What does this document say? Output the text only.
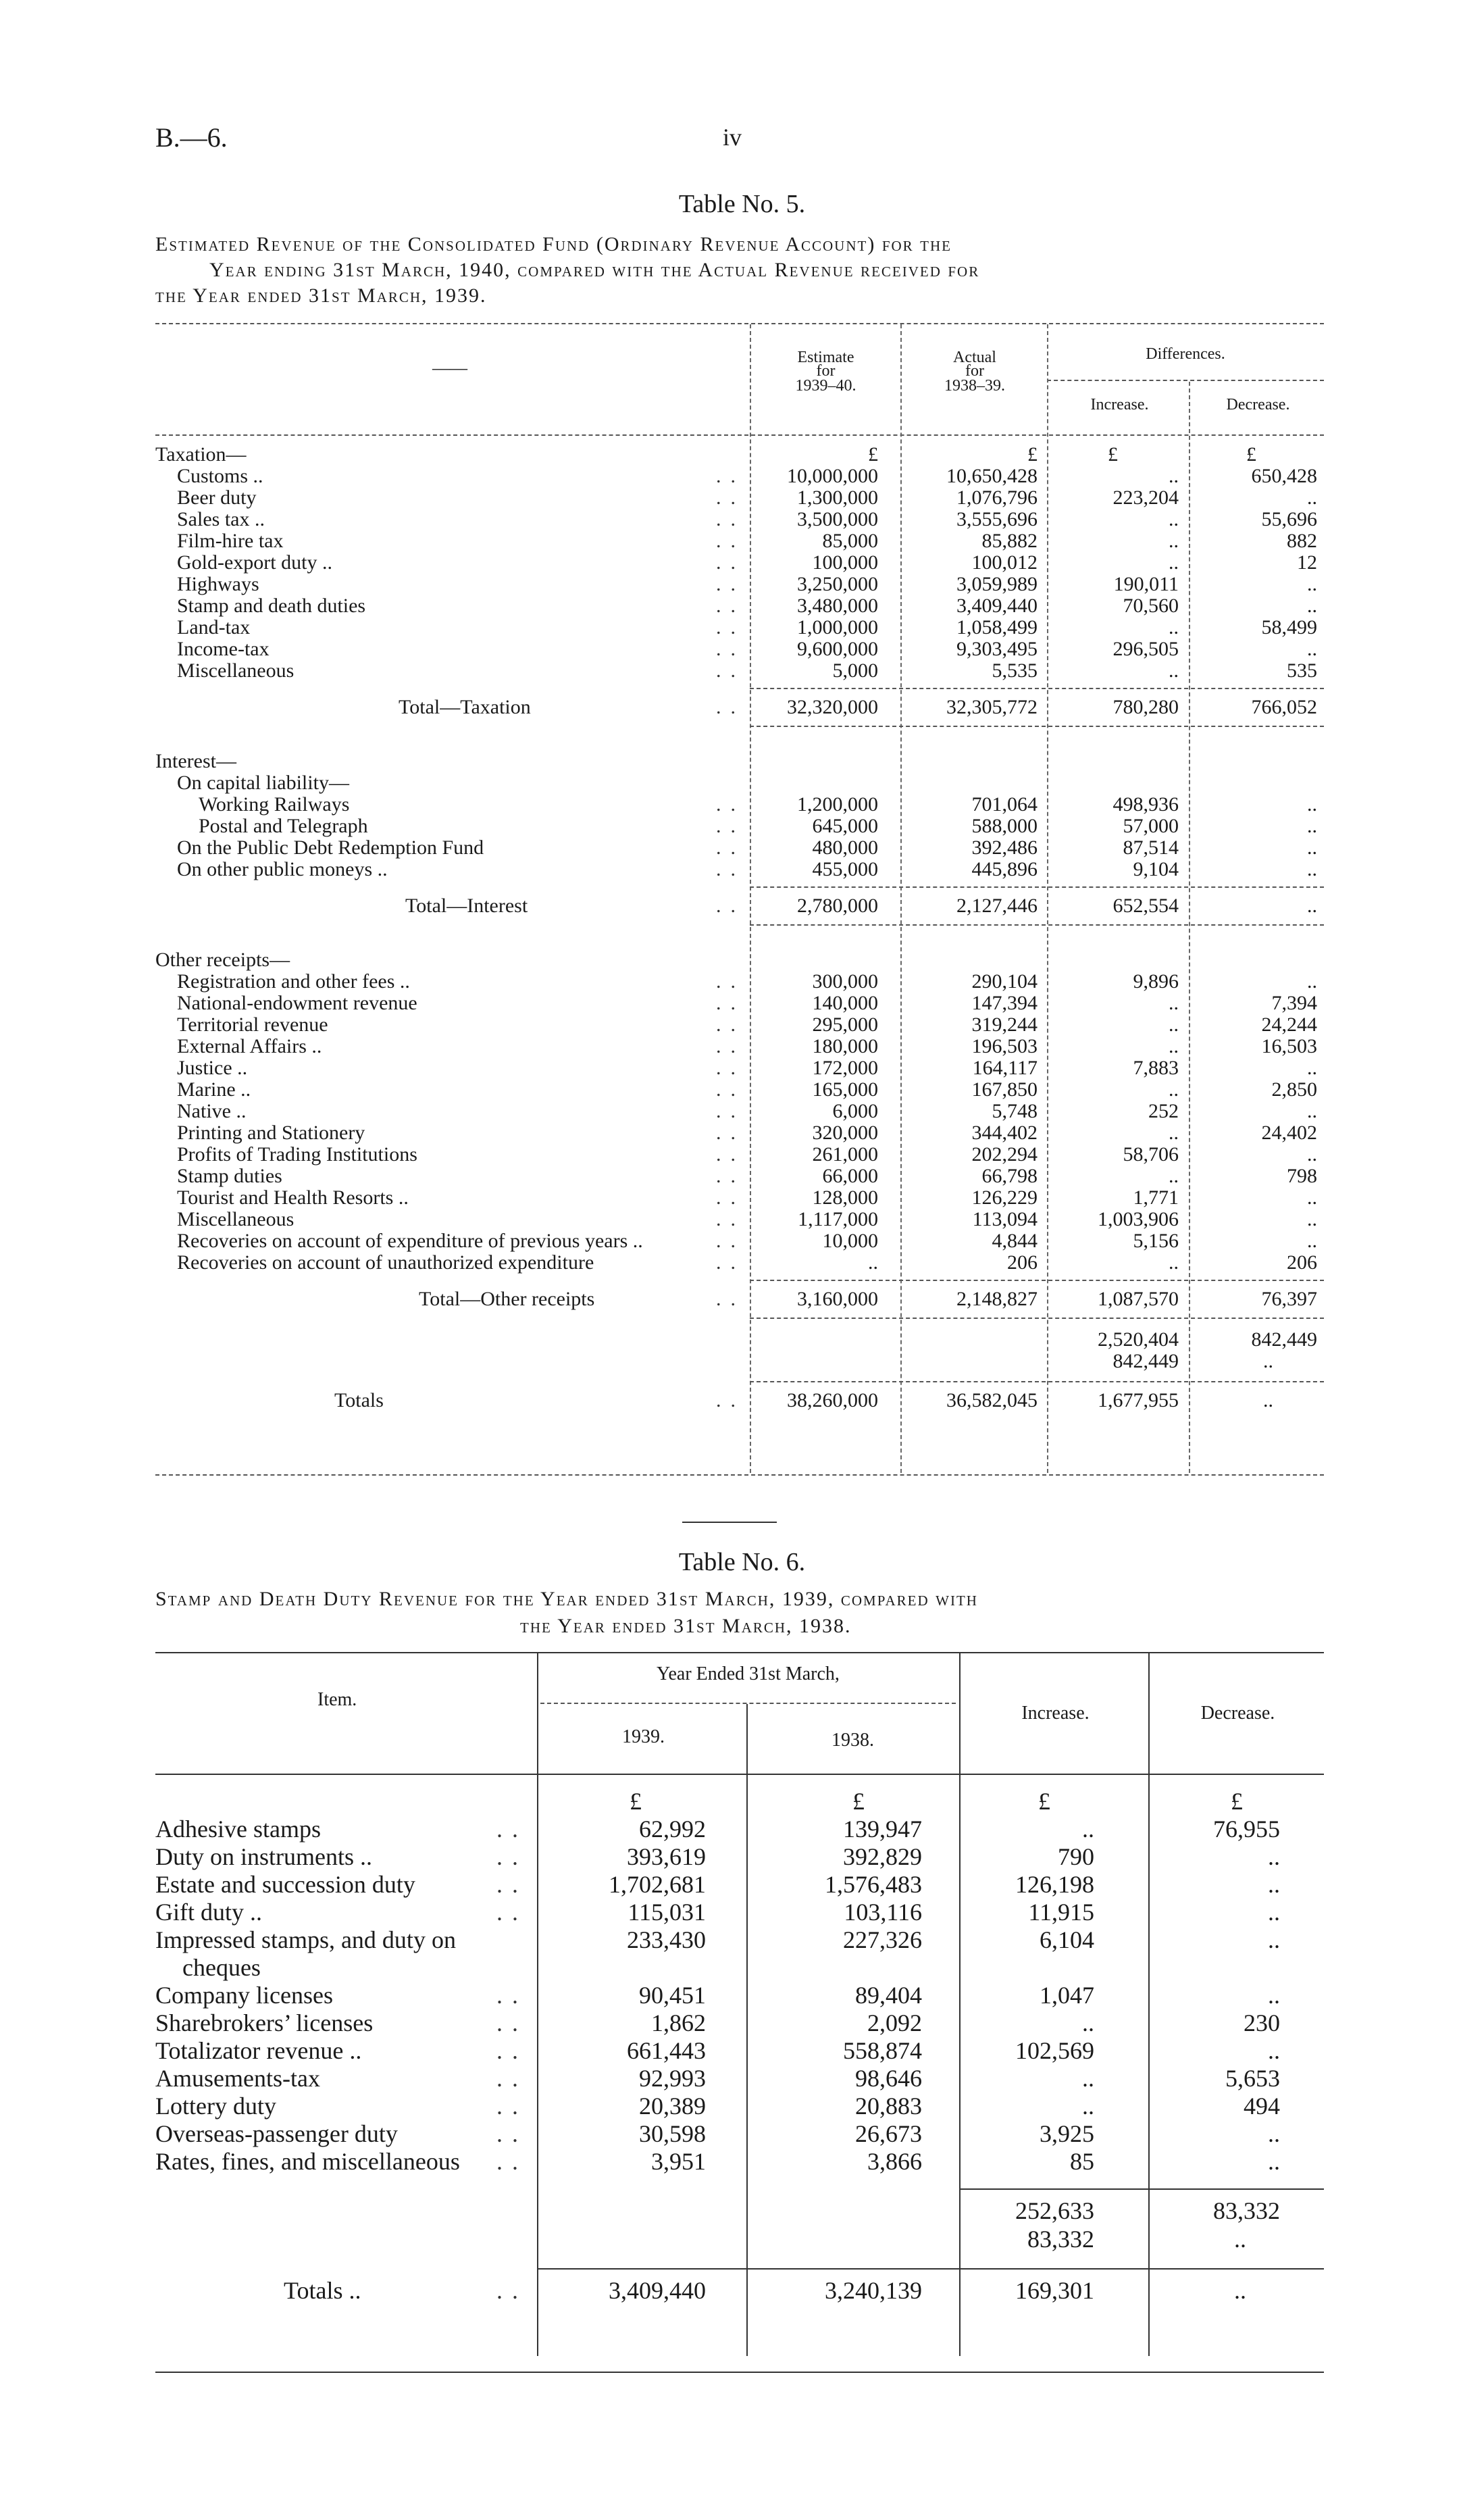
B.—6.	iv
Table No. 5.
Estimated Revenue of the Consolidated Fund (Ordinary Revenue Account) for the
Year ending 31st March, 1940, compared with the Actual Revenue received for
the Year ended 31st March, 1939.
——
Estimate
for
1939–40.
Actual
for
1938–39.
Differences.
Increase.	Decrease.
Taxation—	£	£	£	£
Customs ..	10,000,000	10,650,428	..	650,428
..
Beer duty	1,300,000	1,076,796	223,204	..
..
Sales tax ..	3,500,000	3,555,696	..	55,696
..
Film-hire tax	85,000	85,882	..	882
..
Gold-export duty ..	100,000	100,012	..	12
..
Highways	3,250,000	3,059,989	190,011	..
..
Stamp and death duties	3,480,000	3,409,440	70,560	..
..
Land-tax	1,000,000	1,058,499	..	58,499
..
Income-tax	9,600,000	9,303,495	296,505	..
..
Miscellaneous	5,000	5,535	..	535
..
Total—Taxation	32,320,000	32,305,772	780,280	766,052
..
Interest—
On capital liability—
Working Railways	1,200,000	701,064	498,936	..
..
Postal and Telegraph	645,000	588,000	57,000	..
..
On the Public Debt Redemption Fund	480,000	392,486	87,514	..
..
On other public moneys ..	455,000	445,896	9,104	..
..
Total—Interest	2,780,000	2,127,446	652,554	..
..
Other receipts—
Registration and other fees ..	300,000	290,104	9,896	..
..
National-endowment revenue	140,000	147,394	..	7,394
..
Territorial revenue	295,000	319,244	..	24,244
..
External Affairs ..	180,000	196,503	..	16,503
..
Justice ..	172,000	164,117	7,883	..
..
Marine ..	165,000	167,850	..	2,850
..
Native ..	6,000	5,748	252	..
..
Printing and Stationery	320,000	344,402	..	24,402
..
Profits of Trading Institutions	261,000	202,294	58,706	..
..
Stamp duties	66,000	66,798	..	798
..
Tourist and Health Resorts ..	128,000	126,229	1,771	..
..
Miscellaneous	1,117,000	113,094	1,003,906	..
..
Recoveries on account of expenditure of previous years ..	10,000	4,844	5,156	..
..
Recoveries on account of unauthorized expenditure	..	206	..	206
..
Total—Other receipts	3,160,000	2,148,827	1,087,570	76,397
..
2,520,404	842,449
842,449	..
Totals	38,260,000	36,582,045	1,677,955	..
..
Table No. 6.
Stamp and Death Duty Revenue for the Year ended 31st March, 1939, compared with
the Year ended 31st March, 1938.
Item.
Year Ended 31st March,
1939.	1938.
Increase.	Decrease.
£	£	£	£
Adhesive stamps	62,992	139,947	..	76,955
..
Duty on instruments ..	393,619	392,829	790	..
..
Estate and succession duty	1,702,681	1,576,483	126,198	..
..
Gift duty ..	115,031	103,116	11,915	..
..
Impressed stamps, and duty on	233,430	227,326	6,104	..
cheques
Company licenses	90,451	89,404	1,047	..
..
Sharebrokers’ licenses	1,862	2,092	..	230
..
Totalizator revenue ..	661,443	558,874	102,569	..
..
Amusements-tax	92,993	98,646	..	5,653
..
Lottery duty	20,389	20,883	..	494
..
Overseas-passenger duty	30,598	26,673	3,925	..
..
Rates, fines, and miscellaneous	3,951	3,866	85	..
..
252,633	83,332
83,332	..
Totals ..	3,409,440	3,240,139	169,301	..
..
